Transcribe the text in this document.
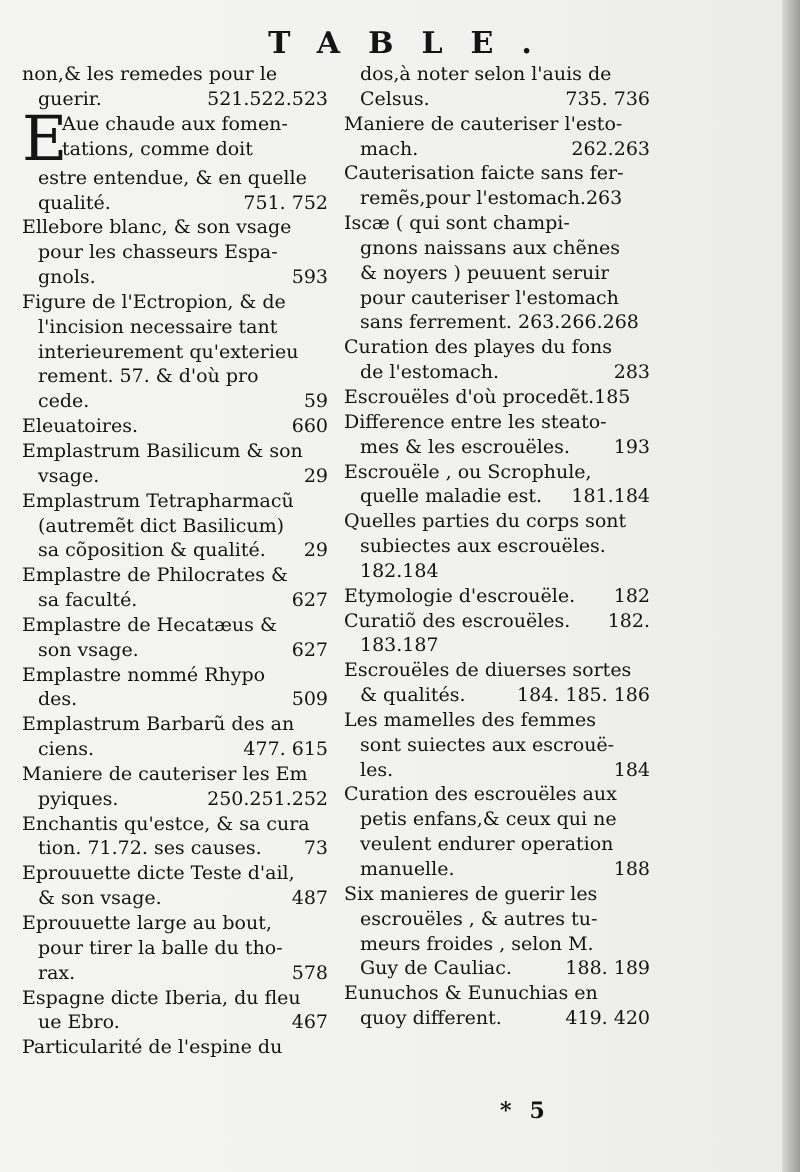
TABLE.
non,& les remedes pour le
guerir.	521.522.523
E
Aue chaude aux fomen-
tations, comme doit
estre entendue, & en quelle
qualité.	751. 752
Ellebore blanc, & son vsage
pour les chasseurs Espa-
gnols.	593
Figure de l'Ectropion, & de
l'incision necessaire tant
interieurement qu'exterieu
rement. 57. & d'où pro
cede.	59
Eleuatoires.	660
Emplastrum Basilicum & son
vsage.	29
Emplastrum Tetrapharmacũ
(autremẽt dict Basilicum)
sa cõposition & qualité.	29
Emplastre de Philocrates &
sa faculté.	627
Emplastre de Hecatæus &
son vsage.	627
Emplastre nommé Rhypo
des.	509
Emplastrum Barbarũ des an
ciens.	477. 615
Maniere de cauteriser les Em
pyiques.	250.251.252
Enchantis qu'estce, & sa cura
tion. 71.72. ses causes.	73
Eprouuette dicte Teste d'ail,
& son vsage.	487
Eprouuette large au bout,
pour tirer la balle du tho-
rax.	578
Espagne dicte Iberia, du fleu
ue Ebro.	467
Particularité de l'espine du
dos,à noter selon l'auis de
Celsus.	735. 736
Maniere de cauteriser l'esto-
mach.	262.263
Cauterisation faicte sans fer-
remẽs,pour l'estomach.263
Iscæ ( qui sont champi-
gnons naissans aux chẽnes
& noyers ) peuuent seruir
pour cauteriser l'estomach
sans ferrement. 263.266.268
Curation des playes du fons
de l'estomach.	283
Escrouëles d'où procedẽt.185
Difference entre les steato-
mes & les escrouëles.	193
Escrouële , ou Scrophule,
quelle maladie est.	181.184
Quelles parties du corps sont
subiectes aux escrouëles.
182.184
Etymologie d'escrouële.	182
Curatiõ des escrouëles.	182.
183.187
Escrouëles de diuerses sortes
& qualités.	184. 185. 186
Les mamelles des femmes
sont suiectes aux escrouë-
les.	184
Curation des escrouëles aux
petis enfans,& ceux qui ne
veulent endurer operation
manuelle.	188
Six manieres de guerir les
escrouëles , & autres tu-
meurs froides , selon M.
Guy de Cauliac.	188. 189
Eunuchos & Eunuchias en
quoy different.	419. 420
* 5
